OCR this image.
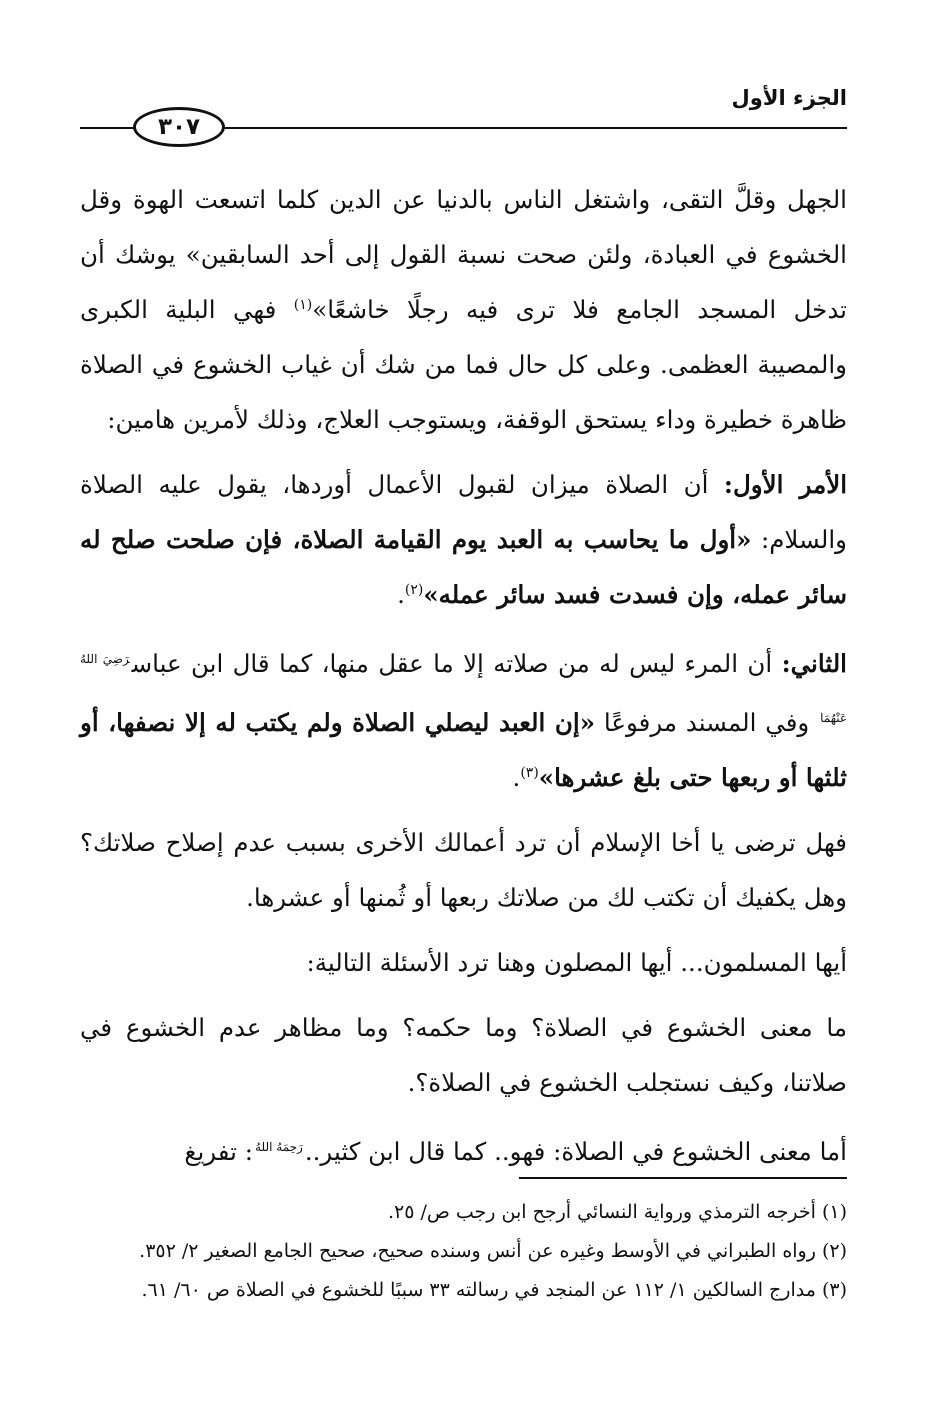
الجزء الأول
٣٠٧

الجهل وقلَّ التقى، واشتغل الناس بالدنيا عن الدين كلما اتسعت الهوة وقل الخشوع في العبادة، ولئن صحت نسبة القول إلى أحد السابقين» يوشك أن تدخل المسجد الجامع فلا ترى فيه رجلًا خاشعًا»$^{(١)}$ فهي البلية الكبرى والمصيبة العظمى. وعلى كل حال فما من شك أن غياب الخشوع في الصلاة ظاهرة خطيرة وداء يستحق الوقفة، ويستوجب العلاج، وذلك لأمرين هامين:

الأمر الأول: أن الصلاة ميزان لقبول الأعمال أوردها، يقول عليه الصلاة والسلام: «أول ما يحاسب به العبد يوم القيامة الصلاة، فإن صلحت صلح له سائر عمله، وإن فسدت فسد سائر عمله»$^{(٢)}$.

الثاني: أن المرء ليس له من صلاته إلا ما عقل منها، كما قال ابن عباس$^{رَضِيَ اللهُ عَنْهُمَا}$ وفي المسند مرفوعًا «إن العبد ليصلي الصلاة ولم يكتب له إلا نصفها، أو ثلثها أو ربعها حتى بلغ عشرها»$^{(٣)}$.

فهل ترضى يا أخا الإسلام أن ترد أعمالك الأخرى بسبب عدم إصلاح صلاتك؟ وهل يكفيك أن تكتب لك من صلاتك ربعها أو ثُمنها أو عشرها.

أيها المسلمون... أيها المصلون وهنا ترد الأسئلة التالية:

ما معنى الخشوع في الصلاة؟ وما حكمه؟ وما مظاهر عدم الخشوع في صلاتنا، وكيف نستجلب الخشوع في الصلاة؟.

أما معنى الخشوع في الصلاة: فهو.. كما قال ابن كثير..$^{رَحِمَهُ اللهُ}$: تفريغ

(١) أخرجه الترمذي ورواية النسائي أرجح ابن رجب ص/ ٢٥.

(٢) رواه الطبراني في الأوسط وغيره عن أنس وسنده صحيح، صحيح الجامع الصغير ٢/ ٣٥٢.

(٣) مدارج السالكين ١/ ١١٢ عن المنجد في رسالته ٣٣ سببًا للخشوع في الصلاة ص ٦٠/ ٦١.
